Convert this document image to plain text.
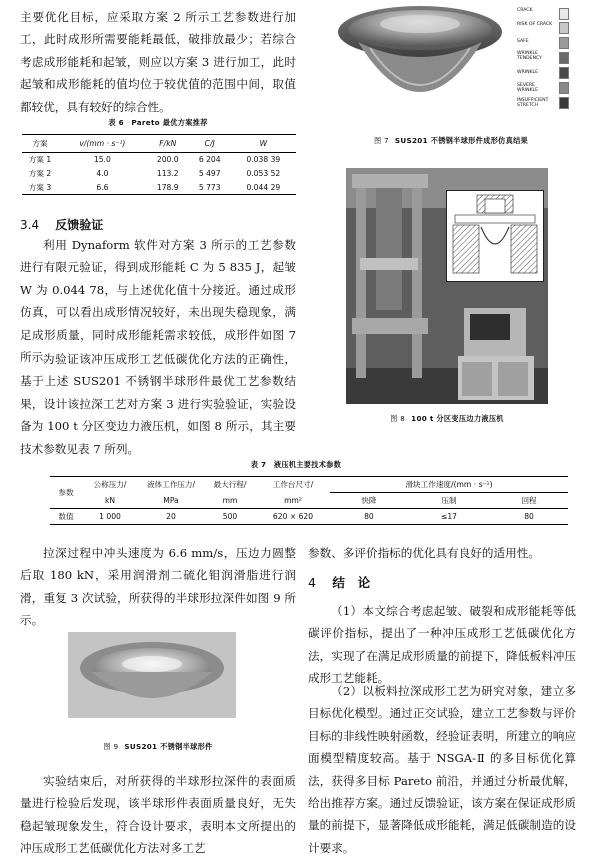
主要优化目标，应采取方案 2 所示工艺参数进行加工，此时成形所需要能耗最低，破排放最少；若综合考虑成形能耗和起皱，则应以方案 3 进行加工，此时起皱和成形能耗的值均位于较优值的范围中间，取值都较优，具有较好的综合性。

表 6　Pareto 最优方案推荐
方案	v/(mm · s⁻¹)	F/kN	C/J	W
方案 1	15.0	200.0	6 204	0.038 39
方案 2	4.0	113.2	5 497	0.053 52
方案 3	6.6	178.9	5 773	0.044 29
3.4 反馈验证

利用 Dynaform 软件对方案 3 所示的工艺参数进行有限元验证，得到成形能耗 C 为 5 835 J，起皱 W 为 0.044 78，与上述优化值十分接近。通过成形仿真，可以看出成形情况较好，未出现失稳现象，满足成形质量，同时成形能耗需求较低，成形件如图 7 所示。

为验证该冲压成形工艺低碳优化方法的正确性，基于上述 SUS201 不锈钢半球形件最优工艺参数结果，设计该拉深工艺对方案 3 进行实验验证，实验设备为 100 t 分区变边力液压机，如图 8 所示，其主要技术参数见表 7 所列。

CRACK
RISK OF CRACK
SAFE
WRINKLE TENDENCY
WRINKLE
SEVERE WRINKLE
INSUFFICIENT STRETCH
图 7 SUS201 不锈钢半球形件成形仿真结果
图 8 100 t 分区变压边力液压机
表 7　液压机主要技术参数
参数	公称压力/	液体工作压力/	最大行程/	工作台尺寸/	滑块工作速度/(mm · s⁻¹)		
	kN	MPa	mm	mm²	快降	压制	回程
数值	1 000	20	500	620 × 620	80	≤17	80

拉深过程中冲头速度为 6.6 mm/s，压边力圆整后取 180 kN，采用润滑剂二硫化钼润滑脂进行润滑，重复 3 次试验，所获得的半球形拉深件如图 9 所示。

图 9 SUS201 不锈钢半球形件

实验结束后，对所获得的半球形拉深件的表面质量进行检验后发现，该半球形件表面质量良好，无失稳起皱现象发生，符合设计要求，表明本文所提出的冲压成形工艺低碳优化方法对多工艺

参数、多评价指标的优化具有良好的适用性。

4 结　论

（1）本文综合考虑起皱、破裂和成形能耗等低碳评价指标，提出了一种冲压成形工艺低碳优化方法，实现了在满足成形质量的前提下，降低板料冲压成形工艺能耗。

（2）以板料拉深成形工艺为研究对象，建立多目标优化模型。通过正交试验，建立工艺参数与评价目标的非线性映射函数，经验证表明，所建立的响应面模型精度较高。基于 NSGA-Ⅱ 的多目标优化算法，获得多目标 Pareto 前沿，并通过分析最优解，给出推荐方案。通过反馈验证，该方案在保证成形质量的前提下，显著降低成形能耗，满足低碳制造的设计要求。
